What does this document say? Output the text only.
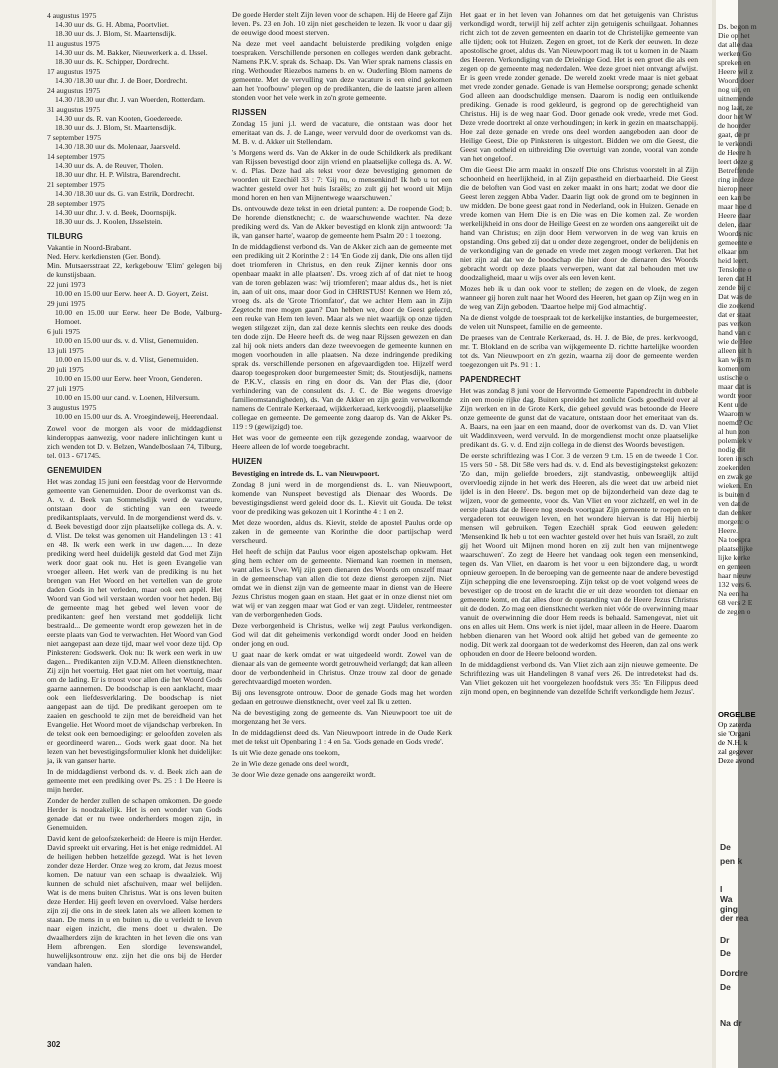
4 augustus 1975
14.30 uur ds. G. H. Abma, Poortvliet.
18.30 uur ds. J. Blom, St. Maartensdijk.
11 augustus 1975
14.30 uur ds. M. Bakker, Nieuwerkerk a. d. IJssel.
18.30 uur ds. K. Schipper, Dordrecht.
17 augustus 1975
14.30 /18.30 uur dhr. J. de Boer, Dordrecht.
24 augustus 1975
14.30 /18.30 uur dhr. J. van Woerden, Rotterdam.
31 augustus 1975
14.30 uur ds. R. van Kooten, Goedereede.
18.30 uur ds. J. Blom, St. Maartensdijk.
7 september 1975
14.30 /18.30 uur ds. Molenaar, Jaarsveld.
14 september 1975
14.30 uur ds. A. de Reuver, Tholen.
18.30 uur dhr. H. P. Wilstra, Barendrecht.
21 september 1975
14.30 /18.30 uur ds. G. van Estrik, Dordrecht.
28 september 1975
14.30 uur dhr. J. v. d. Beek, Doornspijk.
18.30 uur ds. J. Koolen, IJsselstein.
TILBURG
Vakantie in Noord-Brabant.
Ned. Herv. kerkdiensten (Ger. Bond).
Min. Mutsaersstraat 22, kerkgebouw 'Elim' gelegen bij de kunstijsbaan.
22 juni 1973
10.00 en 15.00 uur Eerw. heer A. D. Goyert, Zeist.
29 juni 1975
10.00 en 15.00 uur Eerw. heer De Bode, Valburg-Homoet.
6 juli 1975
10.00 en 15.00 uur ds. v. d. Vlist, Genemuiden.
13 juli 1975
10.00 en 15.00 uur ds. v. d. Vlist, Genemuiden.
20 juli 1975
10.00 en 15.00 uur Eerw. heer Vroon, Genderen.
27 juli 1975
10.00 en 15.00 uur cand. v. Loenen, Hilversum.
3 augustus 1975
10.00 en 15.00 uur ds. A. Vroegindeweij, Heerendaal.

Zowel voor de morgen als voor de middagdienst kinderoppas aanwezig, voor nadere inlichtingen kunt u zich wenden tot D. v. Belzen, Wandelboslaan 74, Tilburg, tel. 013 - 671745.

GENEMUIDEN

Het was zondag 15 juni een feestdag voor de Hervormde gemeente van Genemuiden. Door de overkomst van ds. A. v. d. Beek van Sommelsdijk werd de vacature, ontstaan door de stichting van een tweede predikantsplaats, vervuld. In de morgendienst werd ds. v. d. Beek bevestigd door zijn plaatselijke collega ds. A. v. d. Vlist. De tekst was genomen uit Handelingen 13 : 41 en 48. Ik werk een werk in uw dagen..... In deze prediking werd heel duidelijk gesteld dat God met Zijn werk door gaat ook nu. Het is geen Evangelie van vroeger alleen. Het werk van de prediking is nu het brengen van Het Woord en het vertellen van de grote daden Gods in het verleden, maar ook een appèl. Het Woord van God wil verstaan worden voor het heden. Bij de gemeente mag het gebed wel leven voor de predikanten: geef hen verstand met goddelijk licht bestraald... De gemeente wordt erop gewezen het in de eerste plaats van God te verwachten. Het Woord van God niet aangepast aan deze tijd, maar wel voor deze tijd. Op Pinksteren: Godswerk. Ook nu: Ik werk een werk in uw dagen... Predikanten zijn V.D.M. Alleen dienstknechten. Zij zijn het voertuig. Het gaat niet om het voertuig, maar om de lading. Er is troost voor allen die het Woord Gods gaarne aannemen. De boodschap is een aanklacht, maar ook een liefdesverklaring. De boodschap is niet aangepast aan de tijd. De predikant geroepen om te zaaien en geschoold te zijn met de bereidheid van het Evangelie. Het Woord moet de vijandschap verbreken. In de tekst ook een bemoediging: er geloofden zovelen als er geordineerd waren... Gods werk gaat door. Na het lezen van het bevestigingsformulier klonk het duidelijke: ja, ik van ganser harte.

In de middagdienst verbond ds. v. d. Beek zich aan de gemeente met een prediking over Ps. 25 : 1 De Heere is mijn herder.

Zonder de herder zullen de schapen omkomen. De goede Herder is noodzakelijk. Het is een wonder van Gods genade dat er nu twee onderherders mogen zijn, in Genemuiden.

David kent de geloofszekerheid: de Heere is mijn Herder. David spreekt uit ervaring. Het is het enige redmiddel. Al de heiligen hebben hetzelfde gezegd. Wat is het leven zonder deze Herder. Onze weg zo krom, dat Jezus moest komen. De natuur van een schaap is dwaalziek. Wij kunnen de schuld niet afschuiven, maar wel belijden. Wat is de mens buiten Christus. Wat is ons leven buiten deze Herder. Hij geeft leven en overvloed. Valse herders zijn zij die ons in de steek laten als we alleen komen te staan. De mens in u en buiten u, die u verleidt te leven naar eigen inzicht, die mens doet u dwalen. De dwaalherders zijn de krachten in het leven die ons van Hem afbrengen. Een slordige levenswandel, huwelijksontrouw enz. zijn het die ons bij de Herder vandaan halen.

De goede Herder stelt Zijn leven voor de schapen. Hij de Heere gaf Zijn leven. Ps. 23 en Joh. 10 zijn niet gescheiden te lezen. Ik voor u daar gij de eeuwige dood moest sterven.

Na deze met veel aandacht beluisterde prediking volgden enige toespraken. Verschillende personen en colleges werden dank gebracht. Namens P.K.V. sprak ds. Schaap. Ds. Van Wier sprak namens classis en ring. Wethouder Riezebos namens b. en w. Ouderling Blom namens de gemeente. Met de vervulling van deze vacature is een eind gekomen aan het 'roofbouw' plegen op de predikanten, die de laatste jaren alleen stonden voor het vele werk in zo'n grote gemeente.

RIJSSEN

Zondag 15 juni j.l. werd de vacature, die ontstaan was door het emeritaat van ds. J. de Lange, weer vervuld door de overkomst van ds. M. B. v. d. Akker uit Stellendam.

's Morgens werd ds. Van de Akker in de oude Schildkerk als predikant van Rijssen bevestigd door zijn vriend en plaatselijke collega ds. A. W. v. d. Plas. Deze had als tekst voor deze bevestiging genomen de woorden uit Ezechiël 33 : 7: 'Gij nu, o mensenkind! Ik heb u tot een wachter gesteld over het huis Israëls; zo zult gij het woord uit Mijn mond horen en hen van Mijnentwege waarschuwen.'

Ds. ontvouwde deze tekst in een drietal punten: a. De roepende God; b. De horende dienstknecht; c. de waarschuwende wachter. Na deze prediking werd ds. Van de Akker bevestigd en klonk zijn antwoord: 'Ja ik, van ganser harte', waarop de gemeente hem Psalm 20 : 1 toezong.

In de middagdienst verbond ds. Van de Akker zich aan de gemeente met een prediking uit 2 Korinthe 2 : 14 'En Gode zij dank, Die ons allen tijd doet triomferen in Christus, en den reuk Zijner kennis door ons openbaar maakt in alle plaatsen'. Ds. vroeg zich af of dat niet te hoog van de toren geblazen was: 'wij triomferen'; maar aldus ds., het is niet in, aan of uit ons, maar door God in CHRISTUS! Kennen we Hem zó, vroeg ds. als de 'Grote Triomfator', dat we achter Hem aan in Zijn Zegetocht mee mogen gaan? Dan hebben we, door de Geest gelecrd, een reuke van Hem ten leven. Maar als we niet waarlijk op onze tijden wegen stilgezet zijn, dan zal deze kennis slechts een reuke des doods ten dode zijn. De Heere heeft ds. de weg naar Rijssen gewezen en dan zal hij ook niets anders dan deze tweevoegen de gemeente kunnen en mogen voorhouden in alle plaatsen. Na deze indringende prediking sprak ds. verschillende personen en afgevaardigden toe. Hijzelf werd daarop toegesproken door burgemeester Smit; ds. Stoutjesdijk, namens de P.K.V., classis en ring en door ds. Van der Plas die, (door verhindering van de consulent ds. J. C. de Bie wegens droevige familieomstandigheden), ds. Van de Akker en zijn gezin verwelkomde namens de Centrale Kerkeraad, wijkkerkeraad, kerkvoogdij, plaatselijke collegae en gemeente. De gemeente zong daarop ds. Van de Akker Ps. 119 : 9 (gewijzigd) toe.

Het was voor de gemeente een rijk gezegende zondag, waarvoor de Heere alleen de lof worde toegebracht.

HUIZEN

Bevestiging en intrede ds. L. van Nieuwpoort.

Zondag 8 juni werd in de morgendienst ds. L. van Nieuwpoort, komende van Nunspeet bevestigd als Dienaar des Woords. De bevestigingsdienst werd geleid door ds. L. Kievit uit Gouda. De tekst voor de prediking was gekozen uit 1 Korinthe 4 : 1 en 2.

Met deze woorden, aldus ds. Kievit, stelde de apostel Paulus orde op zaken in de gemeente van Korinthe die door partijschap werd verscheurd.

Hel heeft de schijn dat Paulus voor eigen apostelschap opkwam. Het ging hem echter om de gemeente. Niemand kan roemen in mensen, want alles is Uwe. Wij zijn geen dienaren des Woords om onszelf maar in de gemeenschap van allen die tot deze dienst geroepen zijn. Niet omdat we in dienst zijn van de gemeente maar in dienst van de Heere Jezus Christus mogen gaan en staan. Het gaat er in onze dienst niet om wat wij er van zeggen maar wat God er van zegt. Uitdeler, rentmeester van de verborgenheden Gods.

Deze verborgenheid is Christus, welke wij zegt Paulus verkondigen. God wil dat dit geheimenis verkondigd wordt onder Jood en heiden onder jong en oud.

U gaat naar de kerk omdat er wat uitgedeeld wordt. Zowel van de dienaar als van de gemeente wordt getrouwheid verlangd; dat kan alleen door de verbondenheid in Christus. Onze trouw zal door de genade gerechtvaardigd moeten worden.

Bij ons levensgrote ontrouw. Door de genade Gods mag het worden gedaan en getrouwe dienstknecht, over veel zal Ik u zetten.

Na de bevestiging zong de gemeente ds. Van Nieuwpoort toe uit de morgenzang het 3e vers.

In de middagdienst deed ds. Van Nieuwpoort intrede in de Oude Kerk met de tekst uit Openbaring 1 : 4 en 5a. 'Gods genade en Gods vrede'.

Is uit Wie deze genade ons toekom,

2e in Wie deze genade ons deel wordt,

3e door Wie deze genade ons aangereikt wordt.

Het gaat er in het leven van Johannes om dat het getuigenis van Christus verkondigd wordt, terwijl hij zelf achter zijn getuigenis schuilgaat. Johannes richt zich tot de zeven gemeenten en daarin tot de Christelijke gemeente van alle tijden; ook tot Huizen. Zegen en groet, tot de Kerk der eeuwen. In deze apostolische groet, aldus ds. Van Nieuwpoort mag ik tot u komen in de Naam des Heeren. Verkondiging van de Drieënige God. Het is een groet die als een zegen op de gemeente mag nederdalen. Wee deze groet niet ontvangt afwijst. Er is geen vrede zonder genade. De wereld zoekt vrede maar is niet gebaat met vrede zonder genade. Genade is van Hemelse oorsprong; genade schenkt God alleen aan doodschuldige mensen. Daarom is nodig een ontluikende prediking. Genade is rood gekleurd, is gegrond op de gerechtigheid van Christus. Hij is de weg naar God. Door genade ook vrede, vrede met God. Deze vrede doortrekt al onze verhoudingen; in kerk in gezin en maatschappij. Hoe zal deze genade en vrede ons deel worden aangeboden aan door de Heilige Geest, Die op Pinksteren is uitgestort. Bidden we om die Geest, die Geest van ootheid en uitbreiding Die overtuigt van zonde, vooral van zonde van het ongeloof.

Om die Geest Die arm maakt in onszelf Die ons Christus voorstelt in al Zijn schoonheid en heerlijkheid, in al Zijn gepastheid en dierbaarheid. Die Geest die de beloften van God vast en zeker maakt in ons hart; zodat we door die Geest leren zeggen Abba Vader. Daarin ligt ook de grond om te beginnen in uw midden. De bone geest gaat rond in Nederland, ook in Huizen. Genade en vrede komen van Hem Die is en Die was en Die komen zal. Ze worden werkelijkheid in ons door de Heilige Geest en ze worden ons aangereikt uit de hand van Christus; en zijn door Hem verworven in de weg van kruis en opstanding. Ons gebed zij dat u onder deze zegengroet, onder de belijdenis en de verkondiging van de genade en vrede met zegen moogt verkeren. Dat het niet zijn zal dat we de boodschap die hier door de dienaren des Woords gebracht wordt op deze plaats verwerpen, want dat zal behouden met uw doodzaligheid, maar u wijs over als een leven kent.

Mozes heb ik u dan ook voor te stellen; de zegen en de vloek, de zegen wanneer gij horen zult naar het Woord des Heeren, het gaan op Zijn weg en in de weg van Zijn geboden. 'Daartoe helpe mij God almachtig'.

Na de dienst volgde de toespraak tot de kerkelijke instanties, de burgemeester, de velen uit Nunspeet, familie en de gemeente.

De praeses van de Centrale Kerkeraad, ds. H. J. de Bie, de pres. kerkvoogd, mr. T. Blokland en de scriba van wijkgemeente D. richtte hartelijke woorden tot ds. Van Nieuwpoort en z'n gezin, waarna zij door de gemeente werden toegezongen uit Ps. 91 : 1.

PAPENDRECHT

Het was zondag 8 juni voor de Hervormde Gemeente Papendrecht in dubbele zin een mooie rijke dag. Buiten spreidde het zonlicht Gods goedheid over al Zijn werken en in de Grote Kerk, die geheel gevuld was betoonde de Heere onze gemeente de gunst dat de vacature, ontstaan door het emeritaat van ds. A. Baars, na een jaar en een maand, door de overkomst van ds. D. van Vliet uit Waddinxveen, werd vervuld. In de morgendienst mocht onze plaatselijke predikant ds. G. v. d. End zijn collega in de dienst des Woords bevestigen.

De eerste schriftlezing was I Cor. 3 de verzen 9 t.m. 15 en de tweede 1 Cor. 15 vers 50 - 58. Dit 58e vers had ds. v. d. End als bevestigingstekst gekozen: 'Zo dan, mijn geliefde broeders, zijt standvastig, onbeweeglijk altijd overvloedig zijnde in het werk des Heeren, als die weet dat uw arbeid niet ijdel is in den Heere'. Ds. begon met op de bijzonderheid van deze dag te wijzen, voor de gemeente, voor ds. Van Vliet en voor zichzelf, en wel in de eerste plaats dat de Heere nog steeds voortgaat Zijn gemeente te roepen en te vergaderen tot eeuwigen leven, en het wondere hiervan is dat Hij hierbij mensen wil gebruiken. Tegen Ezechiël sprak God eeuwen geleden: 'Mensenkind Ik heb u tot een wachter gesteld over het huis van Israël, zo zult gij het Woord uit Mijnen mond horen en zij zult hen van mijnentwege waarschuwen'. Zo zegt de Heere het vandaag ook tegen een mensenkind, tegen ds. Van Vliet, en daarom is het voor u een bijzondere dag, u wordt opnieuw geroepen. In de beroeping van de gemeente naar de andere bevestigd Zijn schepping die ene levensroeping. Zijn tekst op de voet volgend wees de bevestiger op de troost en de kracht die er uit deze woorden tot dienaar en gemeente komt, en dat alles door de opstanding van de Heere Jezus Christus uit de doden. Zo mag een dienstknecht werken niet vóór de overwinning maar vanuit de overwinning die door Hem reeds is behaald. Samengevat, niet uit ons en alles uit Hem. Ons werk is niet ijdel, maar alleen in de Heere. Daarom hebben dienaren van het Woord ook altijd het gebed van de gemeente zo nodig. Dit werk zal doorgaan tot de wederkomst des Heeren, dan zal ons werk ophouden en door de Heere beloond worden.

In de middagdienst verbond ds. Van Vliet zich aan zijn nieuwe gemeente. De Schriftlezing was uit Handelingen 8 vanaf vers 26. De intredetekst had ds. Van Vliet gekozen uit het voorgelezen hoofdstuk vers 35: 'En Filippus deed zijn mond open, en beginnende van dezelfde Schrift verkondigde hem Jezus'.

302
Ds. begon m
Die op het
dat alle daa
werken Go
spreken en
Heere wil z
Woord doer
nog uit, en
uitnemende
nog laat, ze
door het W
de hoorder
gaat, de pr
le verkondi
de Heere h
leert deze g
Betreffende
ring in deze
hierop neer
een kan be
maar hoe d
Heere daar
delen, daar
Woords nic
gemeente e
elkaar om
heid leert.
Tenslotte o
leren dat H
zende bij c
Dat was de
die zoekend
dat er staat
pas verkon
hand van c
wie de Hee
alleen uit h
kan wijs m
komen om
ustische o
maar dat is
wordt voor
Kent u de
Waarom w
noemd? Oc
al hun zon
polemiek v
nodig dit
loren in sch
zoekenden
en zwak ge
wieken. En
is buiten d
ven dat de
dan denker
morgen: o
Heere.
Na toespra
plaatselijke
lijke kerke
en gemeen
haar nieuw
132 vers 6.
Na een ha
68 vers 2 E
de zegen o
ORGELBE
Op zaterda
sie 'Organi
de N.H. k
zal gegever
Deze avond
De
pen k
I
Wa
ging
der rea
Dr
De
Dordre
De
Na dr
